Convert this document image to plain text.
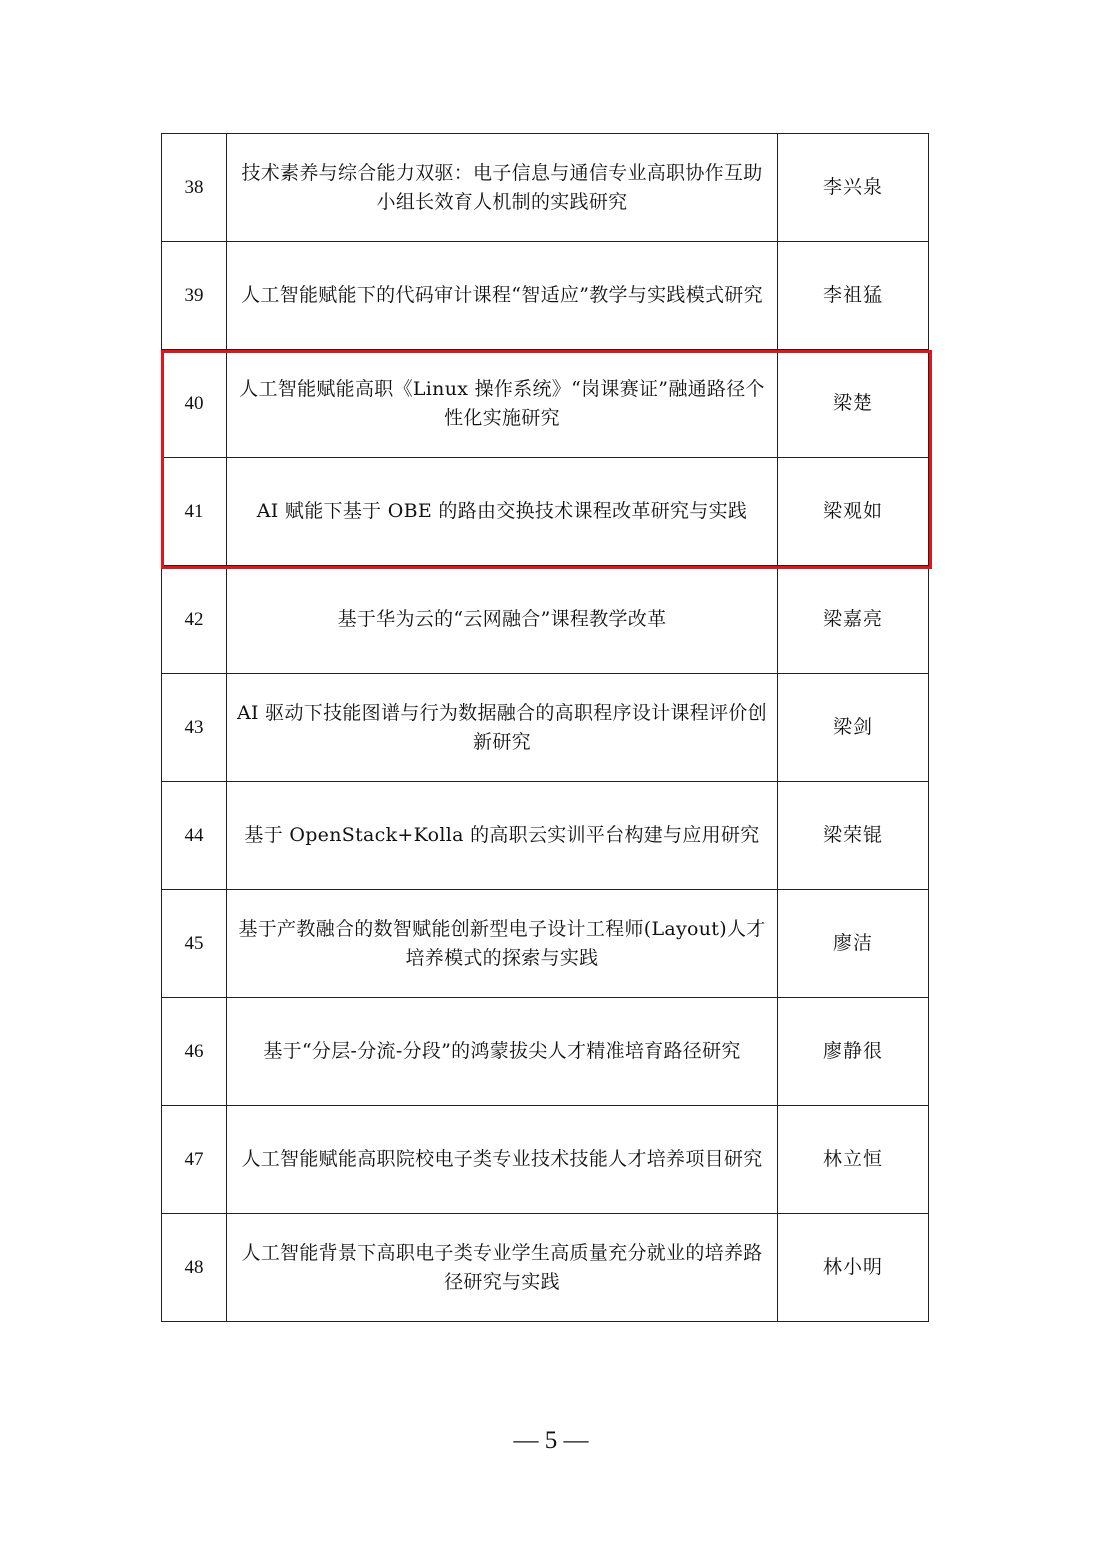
38	技术素养与综合能力双驱：电子信息与通信专业高职协作互助小组长效育人机制的实践研究	李兴泉
39	人工智能赋能下的代码审计课程“智适应”教学与实践模式研究	李祖猛
40	人工智能赋能高职《Linux 操作系统》“岗课赛证”融通路径个性化实施研究	梁楚
41	AI 赋能下基于 OBE 的路由交换技术课程改革研究与实践	梁观如
42	基于华为云的“云网融合”课程教学改革	梁嘉亮
43	AI 驱动下技能图谱与行为数据融合的高职程序设计课程评价创新研究	梁剑
44	基于 OpenStack+Kolla 的高职云实训平台构建与应用研究	梁荣锟
45	基于产教融合的数智赋能创新型电子设计工程师(Layout)人才培养模式的探索与实践	廖洁
46	基于“分层-分流-分段”的鸿蒙拔尖人才精准培育路径研究	廖静很
47	人工智能赋能高职院校电子类专业技术技能人才培养项目研究	林立恒
48	人工智能背景下高职电子类专业学生高质量充分就业的培养路径研究与实践	林小明
— 5 —
